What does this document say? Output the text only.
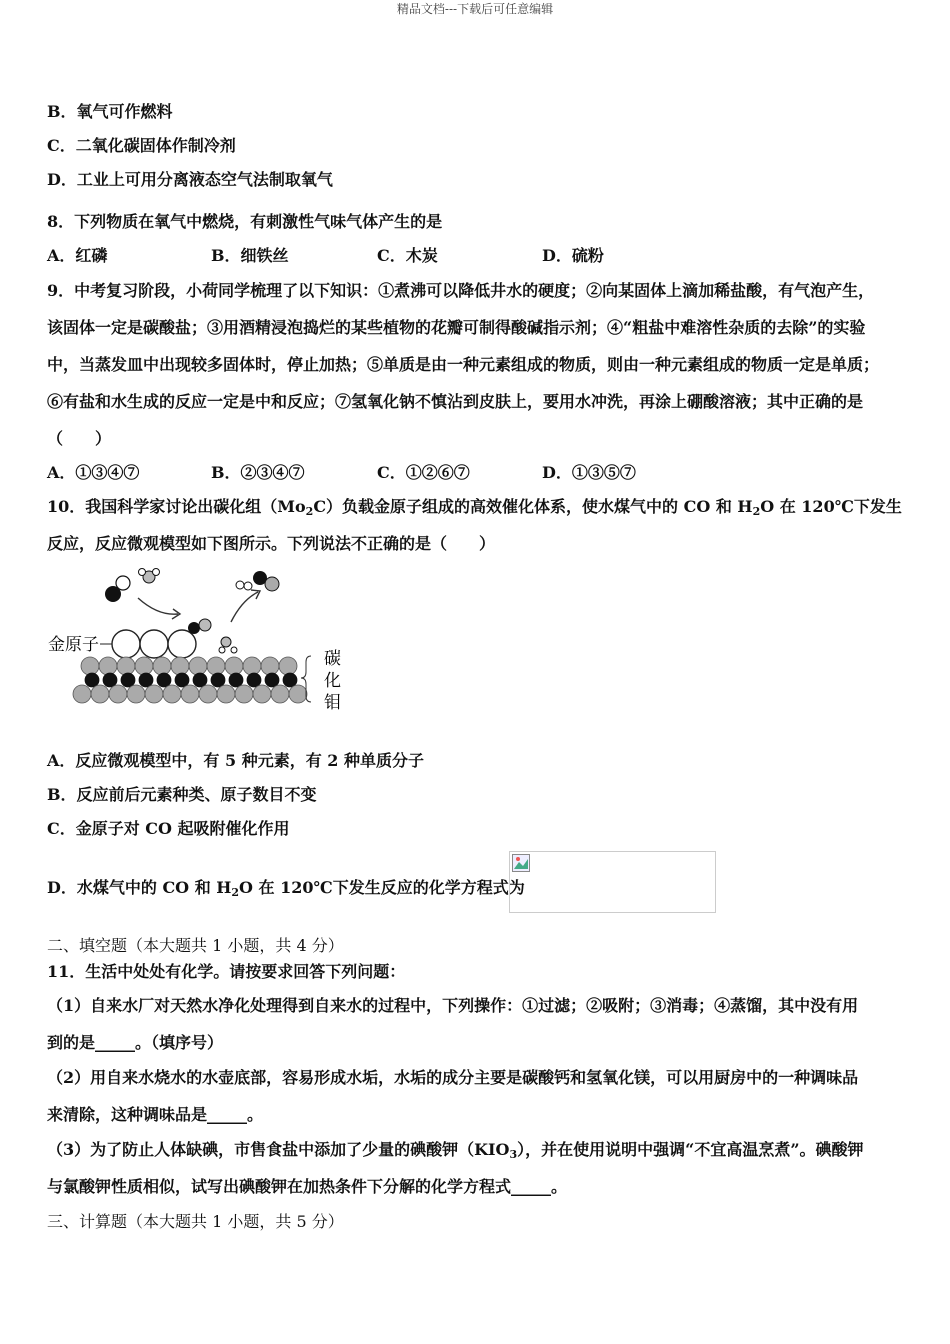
精品文档---下载后可任意编辑
B．氧气可作燃料
C．二氧化碳固体作制冷剂
D．工业上可用分离液态空气法制取氧气
8．下列物质在氧气中燃烧，有刺激性气味气体产生的是
A．红磷	B．细铁丝	C．木炭	D．硫粉
9．中考复习阶段，小荷同学梳理了以下知识：①煮沸可以降低井水的硬度；②向某固体上滴加稀盐酸，有气泡产生，
该固体一定是碳酸盐；③用酒精浸泡捣烂的某些植物的花瓣可制得酸碱指示剂；④“粗盐中难溶性杂质的去除”的实验
中，当蒸发皿中出现较多固体时，停止加热；⑤单质是由一种元素组成的物质，则由一种元素组成的物质一定是单质；
⑥有盐和水生成的反应一定是中和反应；⑦氢氧化钠不慎沾到皮肤上，要用水冲洗，再涂上硼酸溶液；其中正确的是
（　　）
A．①③④⑦	B．②③④⑦	C．①②⑥⑦	D．①③⑤⑦
10．我国科学家讨论出碳化组$(Mo_2C)$负载金原子组成的高效催化体系，使水煤气中的 CO 和 $H_2O$ 在 120℃下发生
反应，反应微观模型如下图所示。下列说法不正确的是（　　）
金原子
碳
化
钼
A．反应微观模型中，有 5 种元素，有 2 种单质分子
B．反应前后元素种类、原子数目不变
C．金原子对 CO 起吸附催化作用
D．水煤气中的 CO 和 $H_2O$ 在 120℃下发生反应的化学方程式为
二、填空题（本大题共 1 小题，共 4 分）
11．生活中处处有化学。请按要求回答下列问题：
（1）自来水厂对天然水净化处理得到自来水的过程中，下列操作：①过滤；②吸附；③消毒；④蒸馏，其中没有用
到的是_____。（填序号）
（2）用自来水烧水的水壶底部，容易形成水垢，水垢的成分主要是碳酸钙和氢氧化镁，可以用厨房中的一种调味品
来清除，这种调味品是_____。
（3）为了防止人体缺碘，市售食盐中添加了少量的碘酸钾$(KIO_3)$，并在使用说明中强调“不宜高温烹煮”。碘酸钾
与氯酸钾性质相似，试写出碘酸钾在加热条件下分解的化学方程式_____。
三、计算题（本大题共 1 小题，共 5 分）
